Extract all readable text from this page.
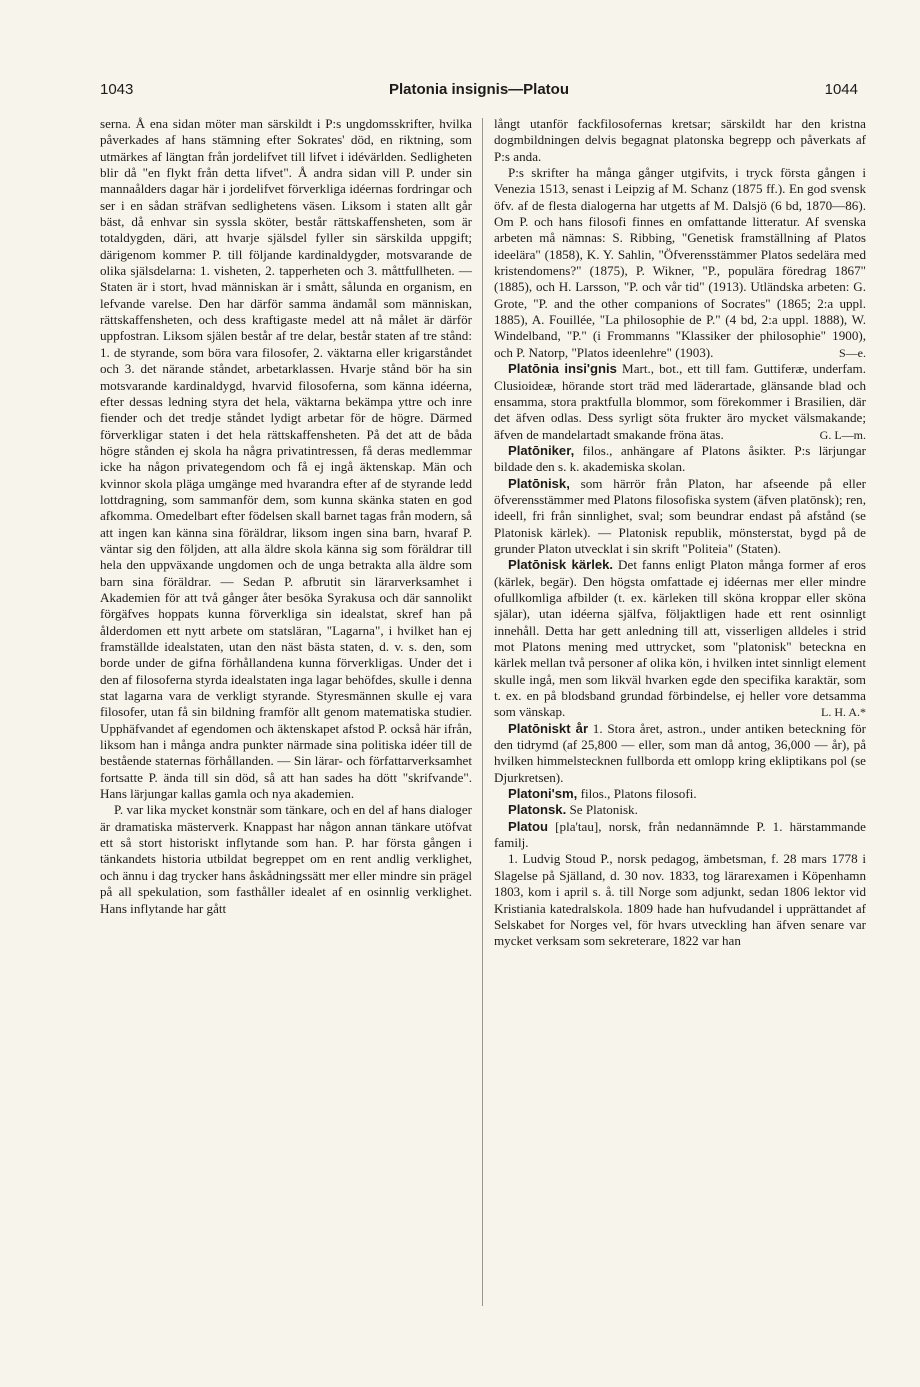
1043	Platonia insignis—Platou	1044

serna. Å ena sidan möter man särskildt i P:s ungdomsskrifter, hvilka påverkades af hans stämning efter Sokrates' död, en riktning, som utmärkes af längtan från jordelifvet till lifvet i idévärlden. Sedligheten blir då "en flykt från detta lifvet". Å andra sidan vill P. under sin mannaålders dagar här i jordelifvet förverkliga idéernas fordringar och ser i en sådan sträfvan sedlighetens väsen. Liksom i staten allt går bäst, då enhvar sin syssla sköter, består rättskaffensheten, som är totaldygden, däri, att hvarje själsdel fyller sin särskilda uppgift; därigenom kommer P. till följande kardinaldygder, motsvarande de olika själsdelarna: 1. visheten, 2. tapperheten och 3. måttfullheten. — Staten är i stort, hvad människan är i smått, sålunda en organism, en lefvande varelse. Den har därför samma ändamål som människan, rättskaffensheten, och dess kraftigaste medel att nå målet är därför uppfostran. Liksom själen består af tre delar, består staten af tre stånd: 1. de styrande, som böra vara filosofer, 2. väktarna eller krigarståndet och 3. det närande ståndet, arbetarklassen. Hvarje stånd bör ha sin motsvarande kardinaldygd, hvarvid filosoferna, som känna idéerna, efter dessas ledning styra det hela, väktarna bekämpa yttre och inre fiender och det tredje ståndet lydigt arbetar för de högre. Därmed förverkligar staten i det hela rättskaffensheten. På det att de båda högre stånden ej skola ha några privatintressen, få deras medlemmar icke ha någon privategendom och få ej ingå äktenskap. Män och kvinnor skola pläga umgänge med hvarandra efter af de styrande ledd lottdragning, som sammanför dem, som kunna skänka staten en god afkomma. Omedelbart efter födelsen skall barnet tagas från modern, så att ingen kan känna sina föräldrar, liksom ingen sina barn, hvaraf P. väntar sig den följden, att alla äldre skola känna sig som föräldrar till hela den uppväxande ungdomen och de unga betrakta alla äldre som barn sina föräldrar. — Sedan P. afbrutit sin lärarverksamhet i Akademien för att två gånger åter besöka Syrakusa och där sannolikt förgäfves hoppats kunna förverkliga sin idealstat, skref han på ålderdomen ett nytt arbete om statsläran, "Lagarna", i hvilket han ej framställde idealstaten, utan den näst bästa staten, d. v. s. den, som borde under de gifna förhållandena kunna förverkligas. Under det i den af filosoferna styrda idealstaten inga lagar behöfdes, skulle i denna stat lagarna vara de verkligt styrande. Styresmännen skulle ej vara filosofer, utan få sin bildning framför allt genom matematiska studier. Upphäfvandet af egendomen och äktenskapet afstod P. också här ifrån, liksom han i många andra punkter närmade sina politiska idéer till de bestående staternas förhållanden. — Sin lärar- och författarverksamhet fortsatte P. ända till sin död, så att han sades ha dött "skrifvande". Hans lärjungar kallas gamla och nya akademien.

P. var lika mycket konstnär som tänkare, och en del af hans dialoger är dramatiska mästerverk. Knappast har någon annan tänkare utöfvat ett så stort historiskt inflytande som han. P. har första gången i tänkandets historia utbildat begreppet om en rent andlig verklighet, och ännu i dag trycker hans åskådningssätt mer eller mindre sin prägel på all spekulation, som fasthåller idealet af en osinnlig verklighet. Hans inflytande har gått

långt utanför fackfilosofernas kretsar; särskildt har den kristna dogmbildningen delvis begagnat platonska begrepp och påverkats af P:s anda.

P:s skrifter ha många gånger utgifvits, i tryck första gången i Venezia 1513, senast i Leipzig af M. Schanz (1875 ff.). En god svensk öfv. af de flesta dialogerna har utgetts af M. Dalsjö (6 bd, 1870—86). Om P. och hans filosofi finnes en omfattande litteratur. Af svenska arbeten må nämnas: S. Ribbing, "Genetisk framställning af Platos ideelära" (1858), K. Y. Sahlin, "Öfverensstämmer Platos sedelära med kristendomens?" (1875), P. Wikner, "P., populära föredrag 1867" (1885), och H. Larsson, "P. och vår tid" (1913). Utländska arbeten: G. Grote, "P. and the other companions of Socrates" (1865; 2:a uppl. 1885), A. Fouillée, "La philosophie de P." (4 bd, 2:a uppl. 1888), W. Windelband, "P." (i Frommanns "Klassiker der philosophie" 1900), och P. Natorp, "Platos ideenlehre" (1903).	S—e.

Platōnia insi'gnis Mart., bot., ett till fam. Guttiferæ, underfam. Clusioideæ, hörande stort träd med läderartade, glänsande blad och ensamma, stora praktfulla blommor, som förekommer i Brasilien, där det äfven odlas. Dess syrligt söta frukter äro mycket välsmakande; äfven de mandelartadt smakande fröna ätas.	G. L—m.

Platōniker, filos., anhängare af Platons åsikter. P:s lärjungar bildade den s. k. akademiska skolan.

Platōnisk, som härrör från Platon, har afseende på eller öfverensstämmer med Platons filosofiska system (äfven platōnsk); ren, ideell, fri från sinnlighet, sval; som beundrar endast på afstånd (se Platonisk kärlek). — Platonisk republik, mönsterstat, bygd på de grunder Platon utvecklat i sin skrift "Politeia" (Staten).

Platōnisk kärlek. Det fanns enligt Platon många former af eros (kärlek, begär). Den högsta omfattade ej idéernas mer eller mindre ofullkomliga afbilder (t. ex. kärleken till sköna kroppar eller sköna själar), utan idéerna själfva, följaktligen hade ett rent osinnligt innehåll. Detta har gett anledning till att, visserligen alldeles i strid mot Platons mening med uttrycket, som "platonisk" beteckna en kärlek mellan två personer af olika kön, i hvilken intet sinnligt element skulle ingå, men som likväl hvarken egde den specifika karaktär, som t. ex. en på blodsband grundad förbindelse, ej heller vore detsamma som vänskap.	L. H. A.*

Platōniskt år 1. Stora året, astron., under antiken beteckning för den tidrymd (af 25,800 — eller, som man då antog, 36,000 — år), på hvilken himmelstecknen fullborda ett omlopp kring ekliptikans pol (se Djurkretsen).

Platoni'sm, filos., Platons filosofi.

Platonsk. Se Platonisk.

Platou [pla'tau], norsk, från nedannämnde P. 1. härstammande familj.

1. Ludvig Stoud P., norsk pedagog, ämbetsman, f. 28 mars 1778 i Slagelse på Själland, d. 30 nov. 1833, tog lärarexamen i Köpenhamn 1803, kom i april s. å. till Norge som adjunkt, sedan 1806 lektor vid Kristiania katedralskola. 1809 hade han hufvudandel i upprättandet af Selskabet for Norges vel, för hvars utveckling han äfven senare var mycket verksam som sekreterare, 1822 var han
